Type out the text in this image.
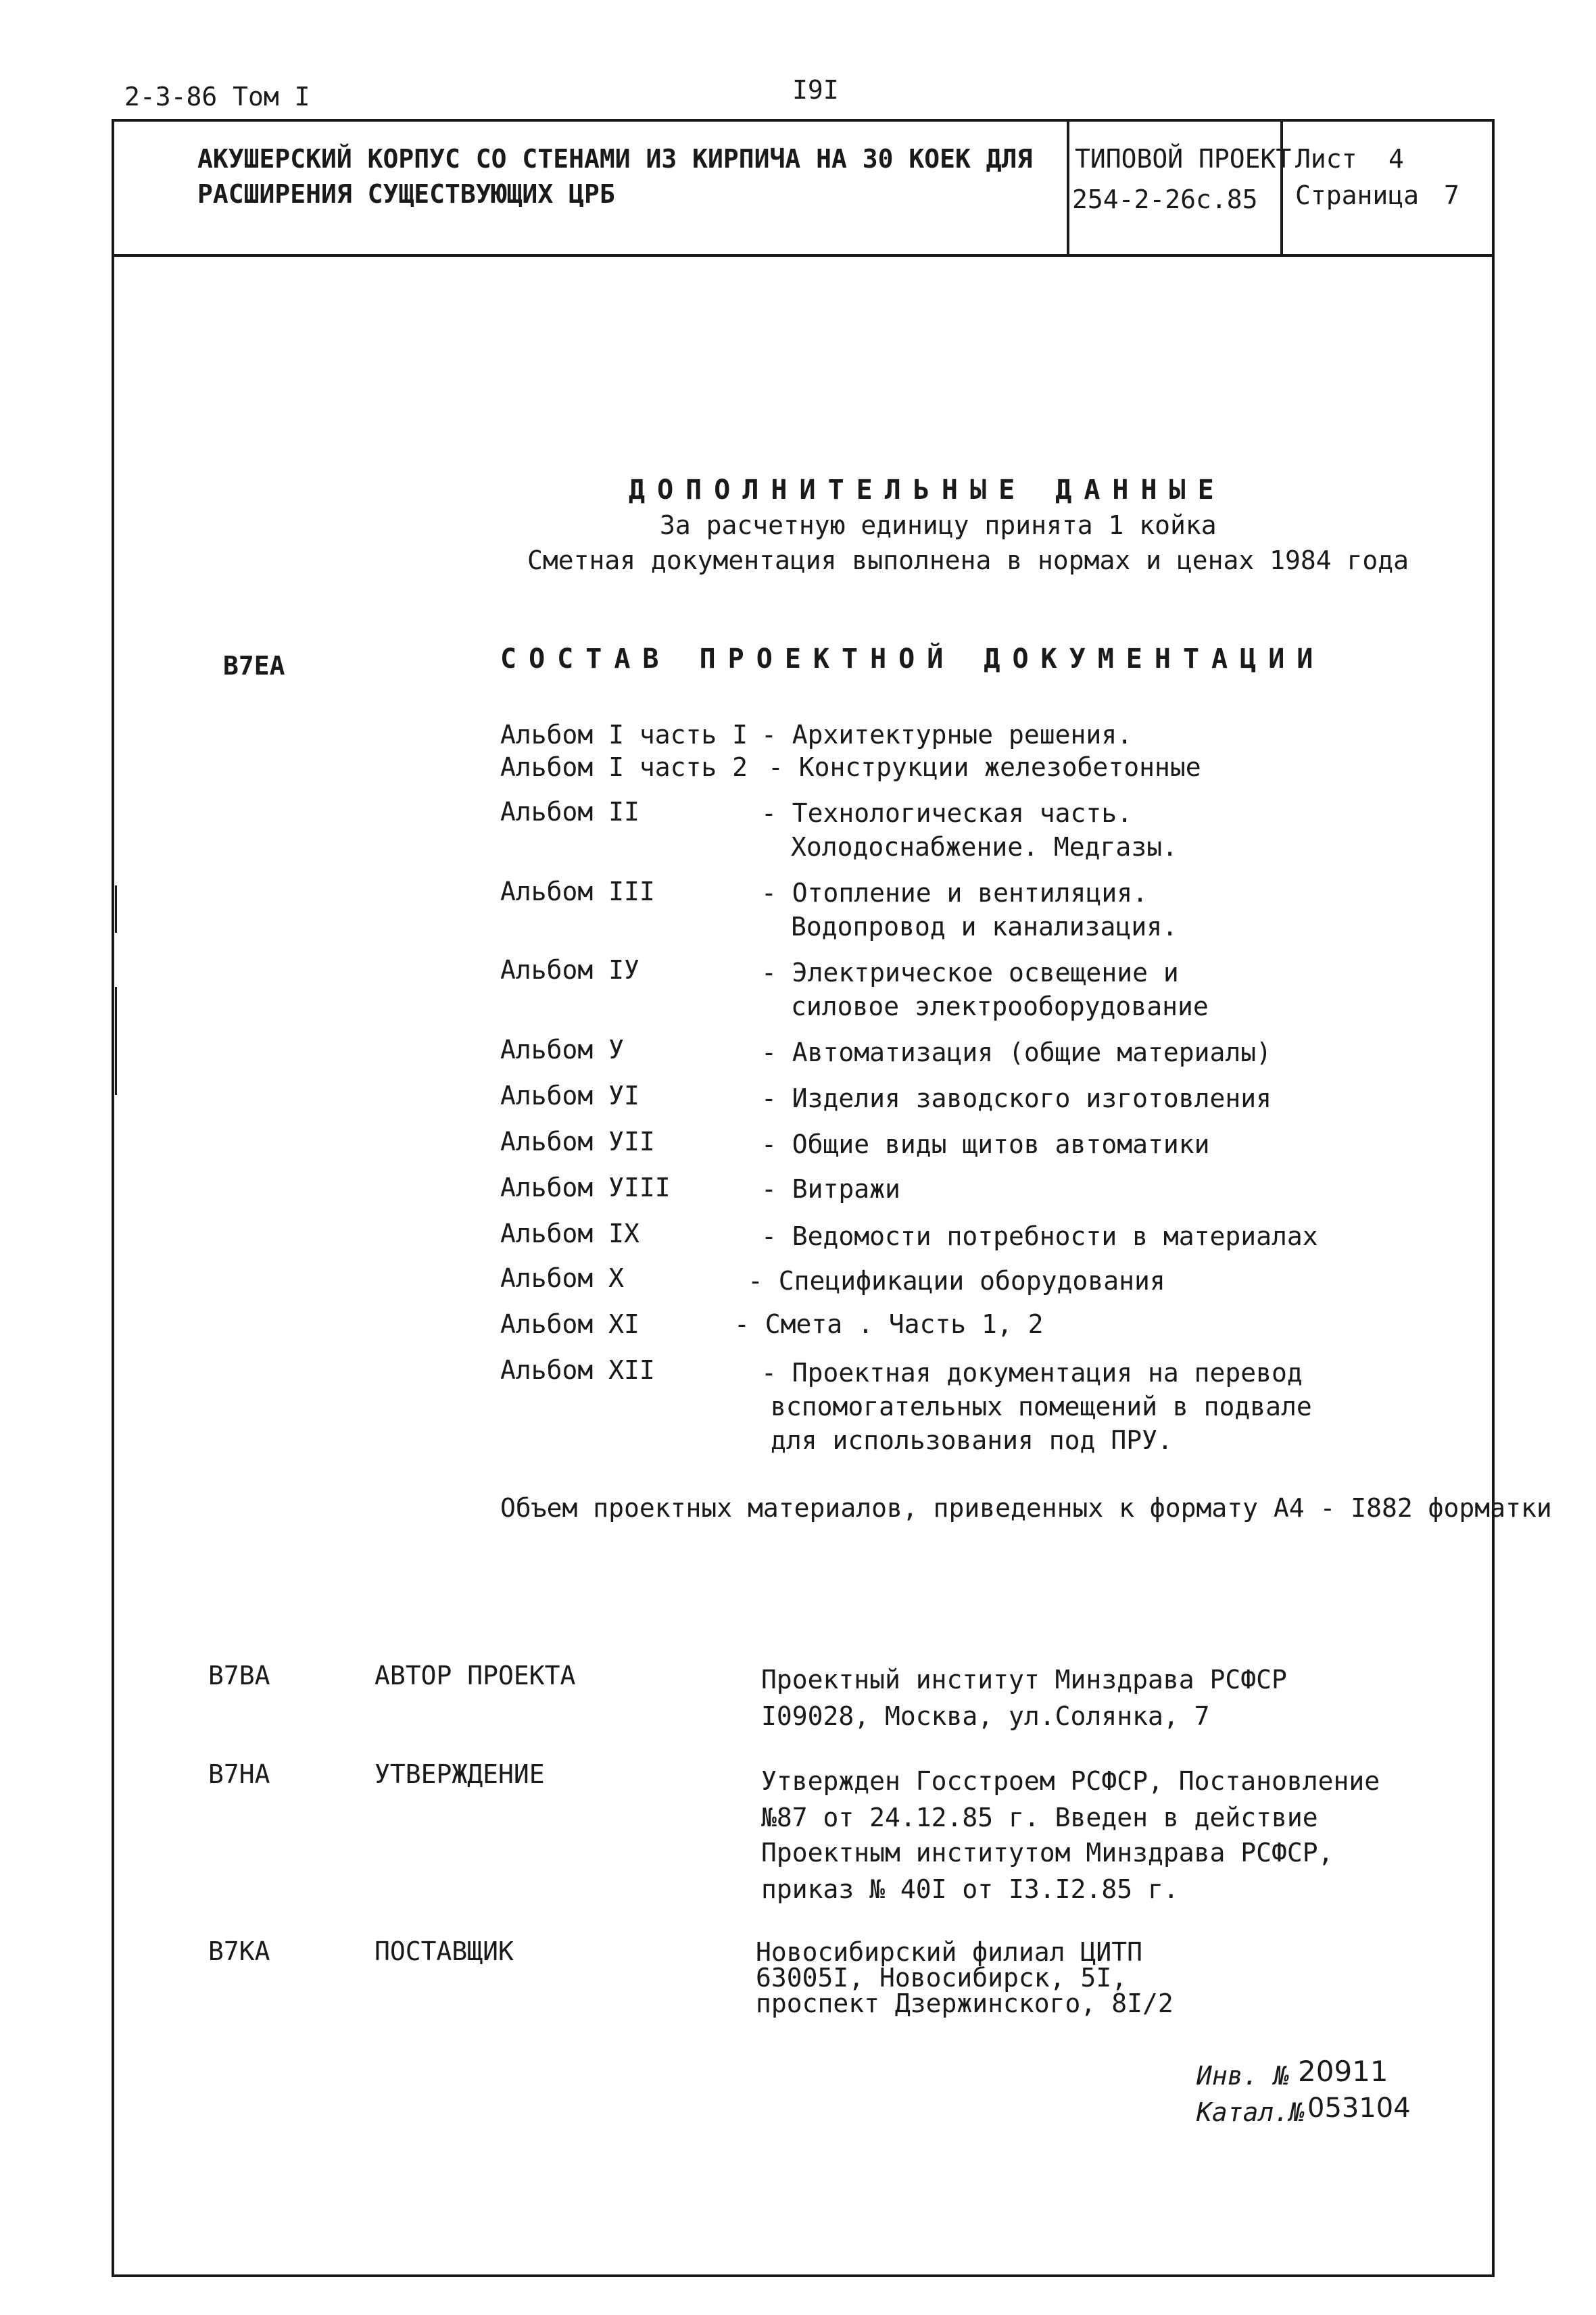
2-3-86 Том I	I9I
АКУШЕРСКИЙ КОРПУС СО СТЕНАМИ ИЗ КИРПИЧА НА 30 КОЕК ДЛЯ
РАСШИРЕНИЯ СУЩЕСТВУЮЩИХ ЦРБ
ТИПОВОЙ ПРОЕКТ
254-2-26с.85
Лист 4
Страница 7
ДОПОЛНИТЕЛЬНЫЕ ДАННЫЕ
За расчетную единицу принята 1 койка
Сметная документация выполнена в нормах и ценах 1984 года
В7ЕА	СОСТАВ ПРОЕКТНОЙ ДОКУМЕНТАЦИИ
Альбом I часть I - Архитектурные решения.
Альбом I часть 2 - Конструкции железобетонные
Альбом II	- Технологическая часть.
Холодоснабжение. Медгазы.
Альбом III	- Отопление и вентиляция.
Водопровод и канализация.
Альбом IУ	- Электрическое освещение и
силовое электрооборудование
Альбом У	- Автоматизация (общие материалы)
Альбом УI	- Изделия заводского изготовления
Альбом УII	- Общие виды щитов автоматики
Альбом УIII	- Витражи
Альбом IX	- Ведомости потребности в материалах
Альбом X	- Спецификации оборудования
Альбом XI	- Смета . Часть 1, 2
Альбом XII	- Проектная документация на перевод
вспомогательных помещений в подвале
для использования под ПРУ.
Объем проектных материалов, приведенных к формату А4 - I882 форматки
В7ВА	АВТОР ПРОЕКТА	Проектный институт Минздрава РСФСР
I09028, Москва, ул.Солянка, 7
В7НА	УТВЕРЖДЕНИЕ	Утвержден Госстроем РСФСР, Постановление
№87 от 24.12.85 г. Введен в действие
Проектным институтом Минздрава РСФСР,
приказ № 40I от I3.I2.85 г.
В7КА	ПОСТАВЩИК	Новосибирский филиал ЦИТП
63005I, Новосибирск, 5I,
проспект Дзержинского, 8I/2
Инв. № 20911
Катал.№ 053104
